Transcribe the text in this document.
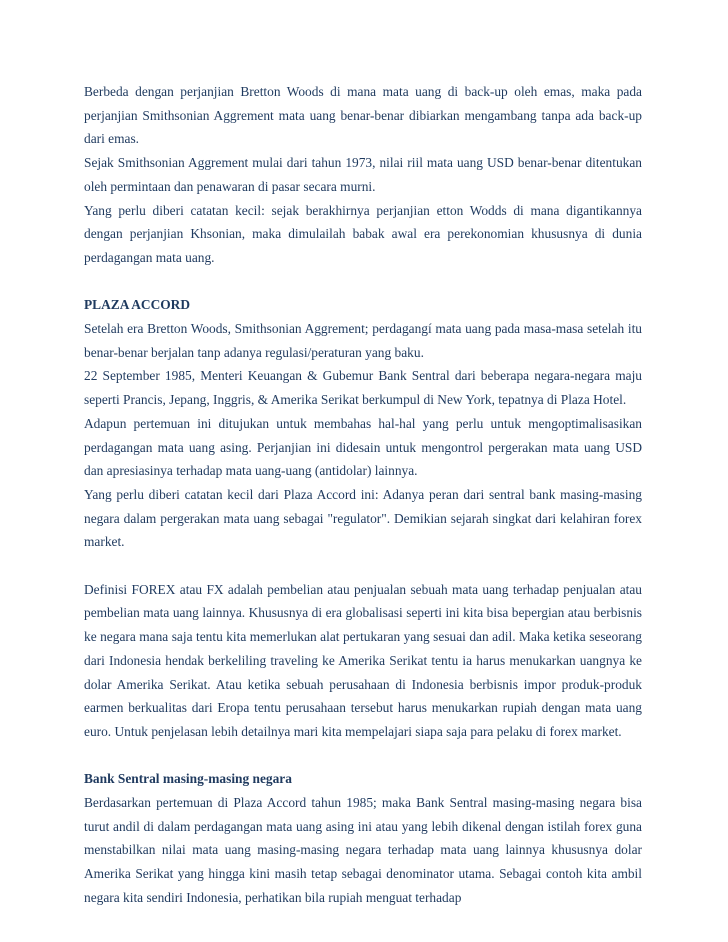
Berbeda dengan perjanjian Bretton Woods di mana mata uang di back-up oleh emas, maka pada perjanjian Smithsonian Aggrement mata uang benar-benar dibiarkan mengambang tanpa ada back-up dari emas.

Sejak Smithsonian Aggrement mulai dari tahun 1973, nilai riil mata uang USD benar-benar ditentukan oleh permintaan dan penawaran di pasar secara murni.

Yang perlu diberi catatan kecil: sejak berakhirnya perjanjian etton Wodds di mana digantikannya dengan perjanjian Khsonian, maka dimulailah babak awal era perekonomian khususnya di dunia perdagangan mata uang.

PLAZA ACCORD

Setelah era Bretton Woods, Smithsonian Aggrement; perdagangí mata uang pada masa-masa setelah itu benar-benar berjalan tanp adanya regulasi/peraturan yang baku.

22 September 1985, Menteri Keuangan & Gubemur Bank Sentral dari beberapa negara-negara maju seperti Prancis, Jepang, Inggris, & Amerika Serikat berkumpul di New York, tepatnya di Plaza Hotel.

Adapun pertemuan ini ditujukan untuk membahas hal-hal yang perlu untuk mengoptimalisasikan perdagangan mata uang asing. Perjanjian ini didesain untuk mengontrol pergerakan mata uang USD dan apresiasinya terhadap mata uang-uang (antidolar) lainnya.

Yang perlu diberi catatan kecil dari Plaza Accord ini: Adanya peran dari sentral bank masing-masing negara dalam pergerakan mata uang sebagai "regulator". Demikian sejarah singkat dari kelahiran forex market.

Definisi FOREX atau FX adalah pembelian atau penjualan sebuah mata uang terhadap penjualan atau pembelian mata uang lainnya. Khususnya di era globalisasi seperti ini kita bisa bepergian atau berbisnis ke negara mana saja tentu kita memerlukan alat pertukaran yang sesuai dan adil. Maka ketika seseorang dari Indonesia hendak berkeliling traveling ke Amerika Serikat tentu ia harus menukarkan uangnya ke dolar Amerika Serikat. Atau ketika sebuah perusahaan di Indonesia berbisnis impor produk-produk earmen berkualitas dari Eropa tentu perusahaan tersebut harus menukarkan rupiah dengan mata uang euro. Untuk penjelasan lebih detailnya mari kita mempelajari siapa saja para pelaku di forex market.

Bank Sentral masing-masing negara

Berdasarkan pertemuan di Plaza Accord tahun 1985; maka Bank Sentral masing-masing negara bisa turut andil di dalam perdagangan mata uang asing ini atau yang lebih dikenal dengan istilah forex guna menstabilkan nilai mata uang masing-masing negara terhadap mata uang lainnya khususnya dolar Amerika Serikat yang hingga kini masih tetap sebagai denominator utama. Sebagai contoh kita ambil negara kita sendiri Indonesia, perhatikan bila rupiah menguat terhadap
